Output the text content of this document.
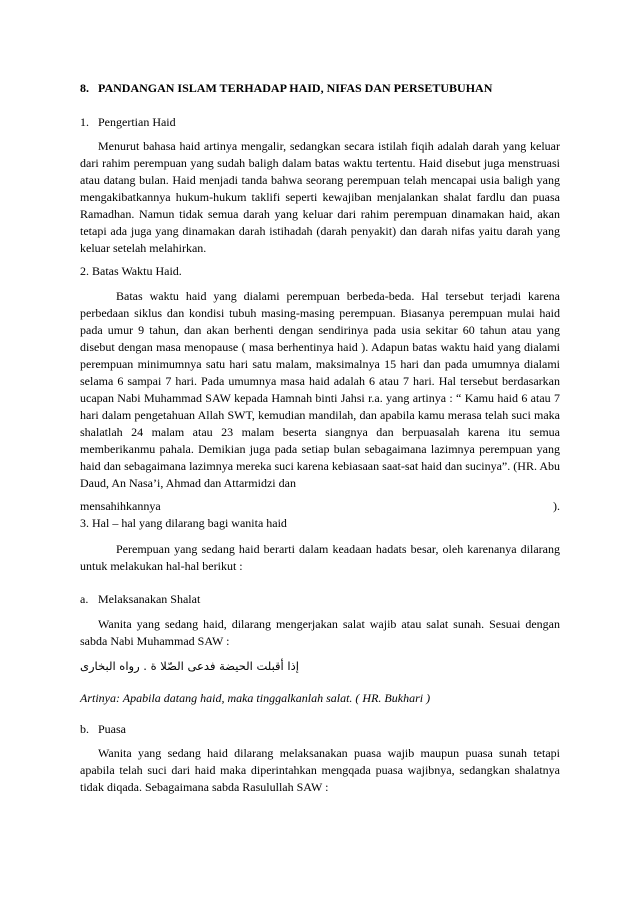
8. PANDANGAN ISLAM TERHADAP HAID, NIFAS DAN PERSETUBUHAN
1. Pengertian Haid

Menurut bahasa haid artinya mengalir, sedangkan secara istilah fiqih adalah darah yang keluar dari rahim perempuan yang sudah baligh dalam batas waktu tertentu. Haid disebut juga menstruasi atau datang bulan. Haid menjadi tanda bahwa seorang perempuan telah mencapai usia baligh yang mengakibatkannya hukum-hukum taklifi seperti kewajiban menjalankan shalat fardlu dan puasa Ramadhan. Namun tidak semua darah yang keluar dari rahim perempuan dinamakan haid, akan tetapi ada juga yang dinamakan darah istihadah (darah penyakit) dan darah nifas yaitu darah yang keluar setelah melahirkan.

2. Batas Waktu Haid.

Batas waktu haid yang dialami perempuan berbeda-beda. Hal tersebut terjadi karena perbedaan siklus dan kondisi tubuh masing-masing perempuan. Biasanya perempuan mulai haid pada umur 9 tahun, dan akan berhenti dengan sendirinya pada usia sekitar 60 tahun atau yang disebut dengan masa menopause ( masa berhentinya haid ). Adapun batas waktu haid yang dialami perempuan minimumnya satu hari satu malam, maksimalnya 15 hari dan pada umumnya dialami selama 6 sampai 7 hari. Pada umumnya masa haid adalah 6 atau 7 hari. Hal tersebut berdasarkan ucapan Nabi Muhammad SAW kepada Hamnah binti Jahsi r.a. yang artinya : “ Kamu haid 6 atau 7 hari dalam pengetahuan Allah SWT, kemudian mandilah, dan apabila kamu merasa telah suci maka shalatlah 24 malam atau 23 malam beserta siangnya dan berpuasalah karena itu semua memberikanmu pahala. Demikian juga pada setiap bulan sebagaimana lazimnya perempuan yang haid dan sebagaimana lazimnya mereka suci karena kebiasaan saat-sat haid dan sucinya”. (HR. Abu Daud, An Nasa’i, Ahmad dan Attarmidzi dan

mensahihkannya	).
3. Hal – hal yang dilarang bagi wanita haid

Perempuan yang sedang haid berarti dalam keadaan hadats besar, oleh karenanya dilarang untuk melakukan hal-hal berikut :

a. Melaksanakan Shalat

Wanita yang sedang haid, dilarang mengerjakan salat wajib atau salat sunah. Sesuai dengan sabda Nabi Muhammad SAW :

إذا أقبلت الحيضة فدعى الصّلا ة . رواه البخارى
Artinya: Apabila datang haid, maka tinggalkanlah salat. ( HR. Bukhari )
b. Puasa

Wanita yang sedang haid dilarang melaksanakan puasa wajib maupun puasa sunah tetapi apabila telah suci dari haid maka diperintahkan mengqada puasa wajibnya, sedangkan shalatnya tidak diqada. Sebagaimana sabda Rasulullah SAW :
